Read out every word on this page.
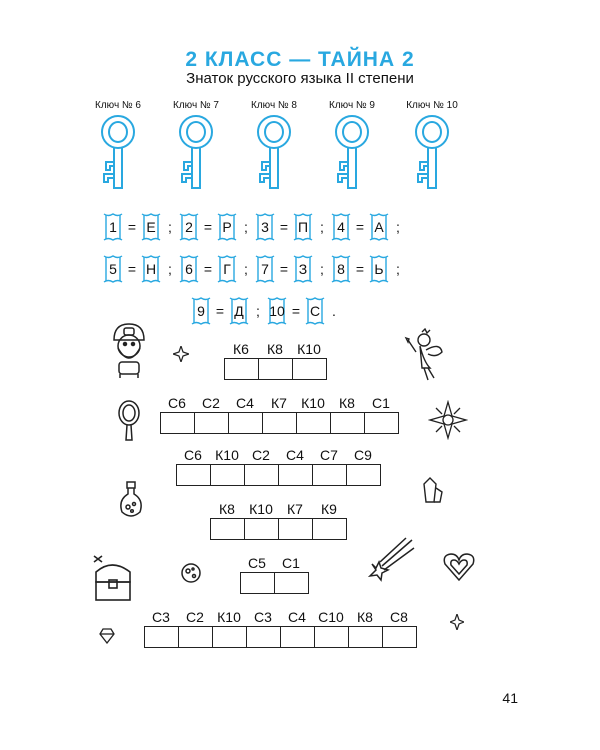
2 КЛАСС — ТАЙНА 2
Знаток русского языка II степени
Ключ № 6	Ключ № 7	Ключ № 8	Ключ № 9	Ключ № 10
1 = Е ; 2 = Р ; 3 = П ; 4 = А ;
5 = Н ; 6 = Г ; 7 = З ; 8 = Ь ;
9 = Д ; 10 = С .
К6	К8	К10
С6	С2	С4	К7	К10	К8	С1
С6 К10 С2	С4	С7	С9
К8	К10	К7	К9
С5	С1
С3	С2 К10 С3	С4 С10 К8	С8
41
